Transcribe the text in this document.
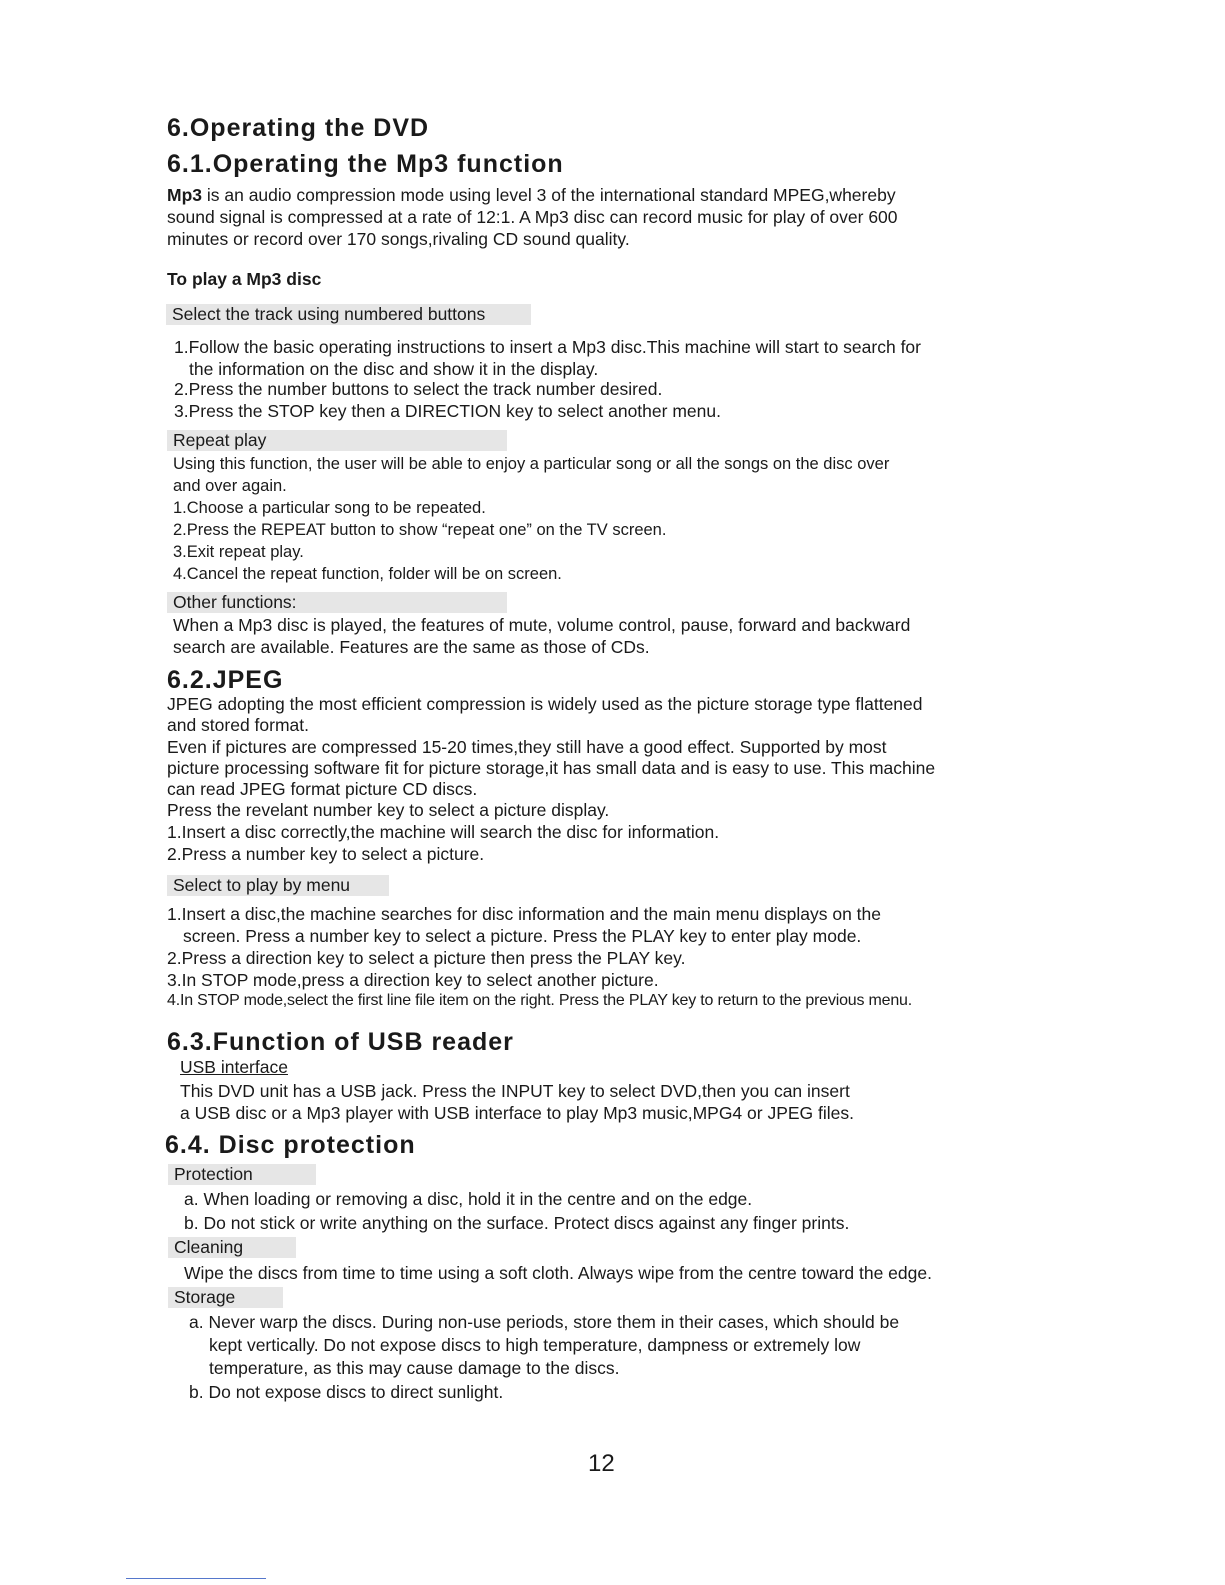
6.Operating the DVD
6.1.Operating the Mp3 function
Mp3 is an audio compression mode using level 3 of the international standard MPEG,whereby
sound signal is compressed at a rate of 12:1. A Mp3 disc can record music for play of over 600
minutes or record over 170 songs,rivaling CD sound quality.
To play a Mp3 disc
Select the track using numbered buttons
1.Follow the basic operating instructions to insert a Mp3 disc.This machine will start to search for
the information on the disc and show it in the display.
2.Press the number buttons to select the track number desired.
3.Press the STOP key then a DIRECTION key to select another menu.
Repeat play
Using this function, the user will be able to enjoy a particular song or all the songs on the disc over
and over again.
1.Choose a particular song to be repeated.
2.Press the REPEAT button to show “repeat one” on the TV screen.
3.Exit repeat play.
4.Cancel the repeat function, folder will be on screen.
Other functions:
When a Mp3 disc is played, the features of mute, volume control, pause, forward and backward
search are available. Features are the same as those of CDs.
6.2.JPEG
JPEG adopting the most efficient compression is widely used as the picture storage type flattened
and stored format.
Even if pictures are compressed 15-20 times,they still have a good effect. Supported by most
picture processing software fit for picture storage,it has small data and is easy to use. This machine
can read JPEG format picture CD discs.
Press the revelant number key to select a picture display.
1.Insert a disc correctly,the machine will search the disc for information.
2.Press a number key to select a picture.
Select to play by menu
1.Insert a disc,the machine searches for disc information and the main menu displays on the
screen. Press a number key to select a picture. Press the PLAY key to enter play mode.
2.Press a direction key to select a picture then press the PLAY key.
3.In STOP mode,press a direction key to select another picture.
4.In STOP mode,select the first line file item on the right. Press the PLAY key to return to the previous menu.
6.3.Function of USB reader
USB interface
This DVD unit has a USB jack. Press the INPUT key to select DVD,then you can insert
a USB disc or a Mp3 player with USB interface to play Mp3 music,MPG4 or JPEG files.
6.4. Disc protection
Protection
a. When loading or removing a disc, hold it in the centre and on the edge.
b. Do not stick or write anything on the surface. Protect discs against any finger prints.
Cleaning
Wipe the discs from time to time using a soft cloth. Always wipe from the centre toward the edge.
Storage
a. Never warp the discs. During non-use periods, store them in their cases, which should be
kept vertically. Do not expose discs to high temperature, dampness or extremely low
temperature, as this may cause damage to the discs.
b. Do not expose discs to direct sunlight.
12
